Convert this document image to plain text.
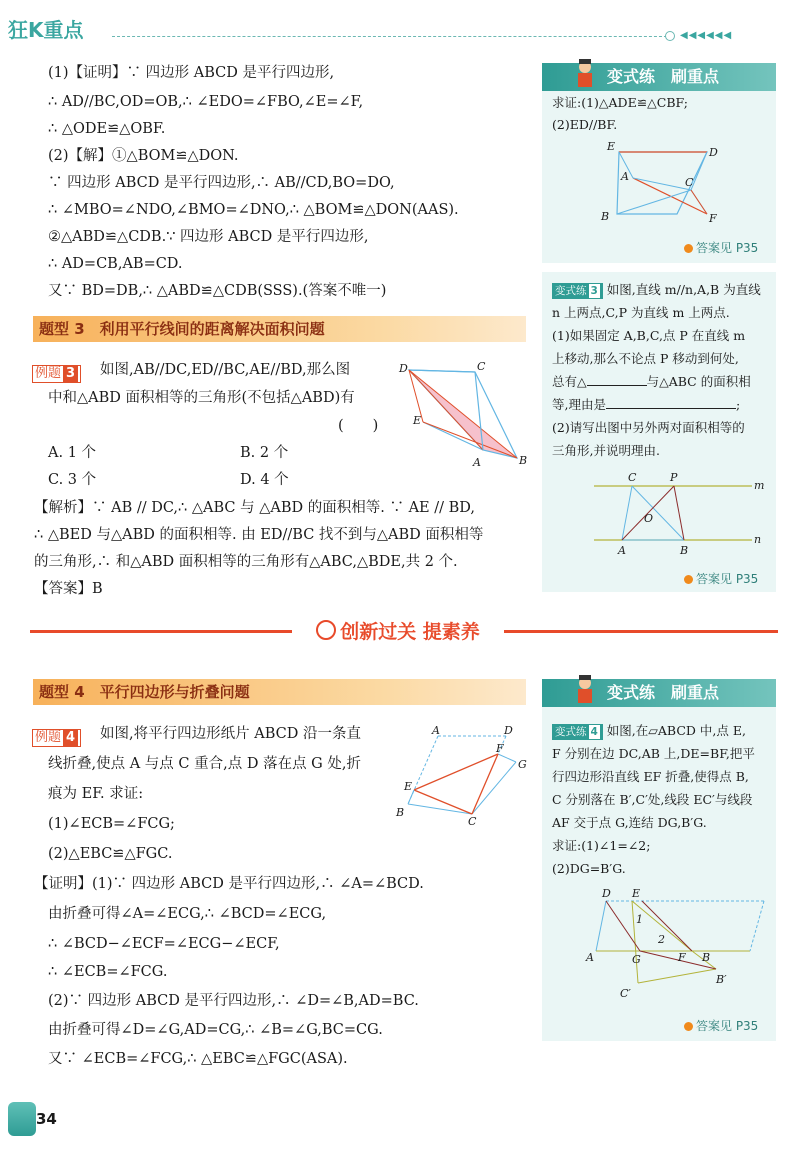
狂K重点	◀◀◀◀◀◀
(1)【证明】∵ 四边形 ABCD 是平行四边形,
∴ AD//BC,OD=OB,∴ ∠EDO=∠FBO,∠E=∠F,
∴ △ODE≌△OBF.
(2)【解】①△BOM≌△DON.
∵ 四边形 ABCD 是平行四边形,∴ AB//CD,BO=DO,
∴ ∠MBO=∠NDO,∠BMO=∠DNO,∴ △BOM≌△DON(AAS).
②△ABD≌△CDB.∵ 四边形 ABCD 是平行四边形,
∴ AD=CB,AB=CD.
又∵ BD=DB,∴ △ABD≌△CDB(SSS).(答案不唯一)
题型 3　利用平行线间的距离解决面积问题
例题 3	如图,AB//DC,ED//BC,AE//BD,那么图
中和△ABD 面积相等的三角形(不包括△ABD)有
(　　)
A. 1 个	B. 2 个
C. 3 个	D. 4 个
【解析】∵ AB // DC,∴ △ABC 与 △ABD 的面积相等. ∵ AE // BD,
∴ △BED 与△ABD 的面积相等. 由 ED//BC 找不到与△ABD 面积相等
的三角形,∴ 和△ABD 面积相等的三角形有△ABC,△BDE,共 2 个.
【答案】B
D	C
E
A	B
创新过关 提素养
题型 4　平行四边形与折叠问题
例题 4	如图,将平行四边形纸片 ABCD 沿一条直
线折叠,使点 A 与点 C 重合,点 D 落在点 G 处,折
痕为 EF. 求证:
(1)∠ECB=∠FCG;
(2)△EBC≌△FGC.
【证明】(1)∵ 四边形 ABCD 是平行四边形,∴ ∠A=∠BCD.
由折叠可得∠A=∠ECG,∴ ∠BCD=∠ECG,
∴ ∠BCD−∠ECF=∠ECG−∠ECF,
∴ ∠ECB=∠FCG.
(2)∵ 四边形 ABCD 是平行四边形,∴ ∠D=∠B,AD=BC.
由折叠可得∠D=∠G,AD=CG,∴ ∠B=∠G,BC=CG.
又∵ ∠ECB=∠FCG,∴ △EBC≌△FGC(ASA).
A	D
F
G
E
B
C
变式练　刷重点
求证:(1)△ADE≌△CBF;
(2)ED//BF.
E	D
A	C
B	F
答案见 P35
变式练 3 如图,直线 m//n,A,B 为直线
n 上两点,C,P 为直线 m 上两点.
(1)如果固定 A,B,C,点 P 在直线 m
上移动,那么不论点 P 移动到何处,
总有△	与△ABC 的面积相
等,理由是	;
(2)请写出图中另外两对面积相等的
三角形,并说明理由.
C	P
m
O
A	B
n
答案见 P35
变式练　刷重点
变式练 4 如图,在▱ABCD 中,点 E,
F 分别在边 DC,AB 上,DE=BF,把平
行四边形沿直线 EF 折叠,使得点 B,
C 分别落在 B′,C′处,线段 EC′与线段
AF 交于点 G,连结 DG,B′G.
求证:(1)∠1=∠2;
(2)DG=B′G.
D E
1
2
A	G	F B
C′
B′
答案见 P35
34
